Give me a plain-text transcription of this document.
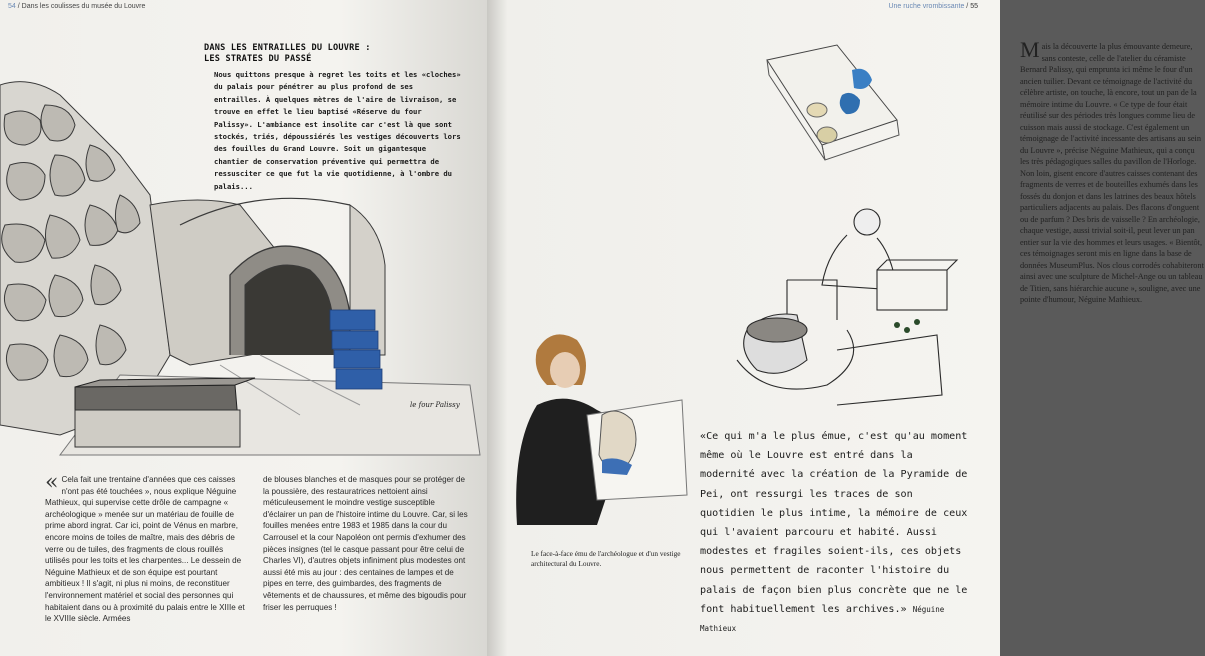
54 / Dans les coulisses du musée du Louvre
le four Palissy
DANS LES ENTRAILLES DU LOUVRE :
LES STRATES DU PASSÉ
Nous quittons presque à regret les toits et les «cloches» du palais pour pénétrer au plus profond de ses entrailles. À quelques mètres de l'aire de livraison, se trouve en effet le lieu baptisé «Réserve du four Palissy». L'ambiance est insolite car c'est là que sont stockés, triés, dépoussiérés les vestiges découverts lors des fouilles du Grand Louvre. Soit un gigantesque chantier de conservation préventive qui permettra de ressusciter ce que fut la vie quotidienne, à l'ombre du palais...
« Cela fait une trentaine d'années que ces caisses n'ont pas été touchées », nous explique Néguine Mathieux, qui supervise cette drôle de campagne « archéologique » menée sur un matériau de fouille de prime abord ingrat. Car ici, point de Vénus en marbre, encore moins de toiles de maître, mais des débris de verre ou de tuiles, des fragments de clous rouillés utilisés pour les toits et les charpentes... Le dessein de Néguine Mathieux et de son équipe est pourtant ambitieux ! Il s'agit, ni plus ni moins, de reconstituer l'environnement matériel et social des personnes qui habitaient dans ou à proximité du palais entre le XIIIe et le XVIIIe siècle. Armées
de blouses blanches et de masques pour se protéger de la poussière, des restauratrices nettoient ainsi méticuleusement le moindre vestige susceptible d'éclairer un pan de l'histoire intime du Louvre. Car, si les fouilles menées entre 1983 et 1985 dans la cour du Carrousel et la cour Napoléon ont permis d'exhumer des pièces insignes (tel le casque passant pour être celui de Charles VI), d'autres objets infiniment plus modestes ont aussi été mis au jour : des centaines de lampes et de pipes en terre, des guimbardes, des fragments de vêtements et de chaussures, et même des bigoudis pour friser les perruques !
Une ruche vrombissante / 55
Mais la découverte la plus émouvante demeure, sans conteste, celle de l'atelier du céramiste Bernard Palissy, qui emprunta ici même le four d'un ancien tuilier. Devant ce témoignage de l'activité du célèbre artiste, on touche, là encore, tout un pan de la mémoire intime du Louvre. « Ce type de four était réutilisé sur des périodes très longues comme lieu de cuisson mais aussi de stockage. C'est également un témoignage de l'activité incessante des artisans au sein du Louvre », précise Néguine Mathieux, qui a conçu les très pédagogiques salles du pavillon de l'Horloge. Non loin, gisent encore d'autres caisses contenant des fragments de verres et de bouteilles exhumés dans les fossés du donjon et dans les latrines des beaux hôtels particuliers adjacents au palais. Des flacons d'onguent ou de parfum ? Des bris de vaisselle ? En archéologie, chaque vestige, aussi trivial soit-il, peut lever un pan entier sur la vie des hommes et leurs usages. « Bientôt, ces témoignages seront mis en ligne dans la base de données MuseumPlus. Nos clous corrodés cohabiteront ainsi avec une sculpture de Michel-Ange ou un tableau de Titien, sans hiérarchie aucune », souligne, avec une pointe d'humour, Néguine Mathieux.
Le face-à-face ému de l'archéologue et d'un vestige architectural du Louvre.
«Ce qui m'a le plus émue, c'est qu'au moment même où le Louvre est entré dans la modernité avec la création de la Pyramide de Pei, ont ressurgi les traces de son quotidien le plus intime, la mémoire de ceux qui l'avaient parcouru et habité. Aussi modestes et fragiles soient-ils, ces objets nous permettent de raconter l'histoire du palais de façon bien plus concrète que ne le font habituellement les archives.» Néguine Mathieux
